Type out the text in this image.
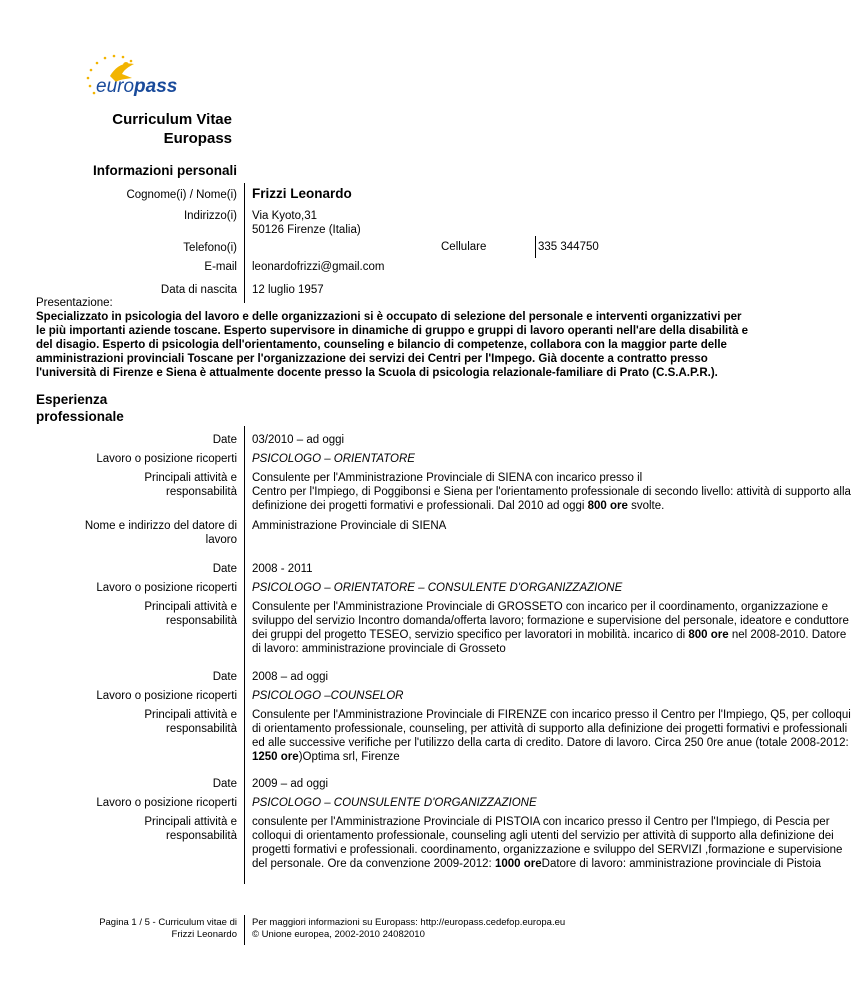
europass
Curriculum Vitae
Europass
Informazioni personali
Cognome(i) / Nome(i) Frizzi Leonardo
Indirizzo(i) Via Kyoto,31
50126 Firenze (Italia)
Telefono(i)	Cellulare	335 344750
E-mail leonardofrizzi@gmail.com
Data di nascita 12 luglio 1957
Presentazione:
Specializzato in psicologia del lavoro e delle organizzazioni si è occupato di selezione del personale e interventi organizzativi per le più importanti aziende toscane. Esperto supervisore in dinamiche di gruppo e gruppi di lavoro operanti nell'are della disabilità e del disagio. Esperto di psicologia dell'orientamento, counseling e bilancio di competenze, collabora con la maggior parte delle amministrazioni provinciali Toscane per l'organizzazione dei servizi dei Centri per l'Impego. Già docente a contratto presso l'università di Firenze e Siena è attualmente docente presso la Scuola di psicologia relazionale-familiare di Prato (C.S.A.P.R.).
Esperienza
professionale
Date 03/2010 – ad oggi
Lavoro o posizione ricoperti PSICOLOGO – ORIENTATORE
Principali attività e
responsabilità
Consulente per l'Amministrazione Provinciale di SIENA con incarico presso il
Centro per l'Impiego, di Poggibonsi e Siena per l'orientamento professionale di secondo livello: attività di supporto alla
definizione dei progetti formativi e professionali. Dal 2010 ad oggi 800 ore svolte.
Nome e indirizzo del datore di
lavoro
Amministrazione Provinciale di SIENA
Date 2008 - 2011
Lavoro o posizione ricoperti PSICOLOGO – ORIENTATORE – CONSULENTE D'ORGANIZZAZIONE
Principali attività e
responsabilità
Consulente per l'Amministrazione Provinciale di GROSSETO con incarico per il coordinamento, organizzazione e
sviluppo del servizio Incontro domanda/offerta lavoro; formazione e supervisione del personale, ideatore e conduttore
dei gruppi del progetto TESEO, servizio specifico per lavoratori in mobilità. incarico di 800 ore nel 2008-2010. Datore
di lavoro: amministrazione provinciale di Grosseto
Date 2008 – ad oggi
Lavoro o posizione ricoperti PSICOLOGO –COUNSELOR
Principali attività e
responsabilità
Consulente per l'Amministrazione Provinciale di FIRENZE con incarico presso il Centro per l'Impiego, Q5, per colloqui
di orientamento professionale, counseling, per attività di supporto alla definizione dei progetti formativi e professionali
ed alle successive verifiche per l'utilizzo della carta di credito. Datore di lavoro. Circa 250 0re anue (totale 2008-2012:
1250 ore)Optima srl, Firenze
Date 2009 – ad oggi
Lavoro o posizione ricoperti PSICOLOGO – COUNSULENTE D'ORGANIZZAZIONE
Principali attività e
responsabilità
consulente per l'Amministrazione Provinciale di PISTOIA con incarico presso il Centro per l'Impiego, di Pescia per
colloqui di orientamento professionale, counseling agli utenti del servizio per attività di supporto alla definizione dei
progetti formativi e professionali. coordinamento, organizzazione e sviluppo del SERVIZI ,formazione e supervisione
del personale. Ore da convenzione 2009-2012: 1000 oreDatore di lavoro: amministrazione provinciale di Pistoia
Pagina 1 / 5 - Curriculum vitae di
Frizzi Leonardo
Per maggiori informazioni su Europass: http://europass.cedefop.europa.eu
© Unione europea, 2002-2010 24082010
